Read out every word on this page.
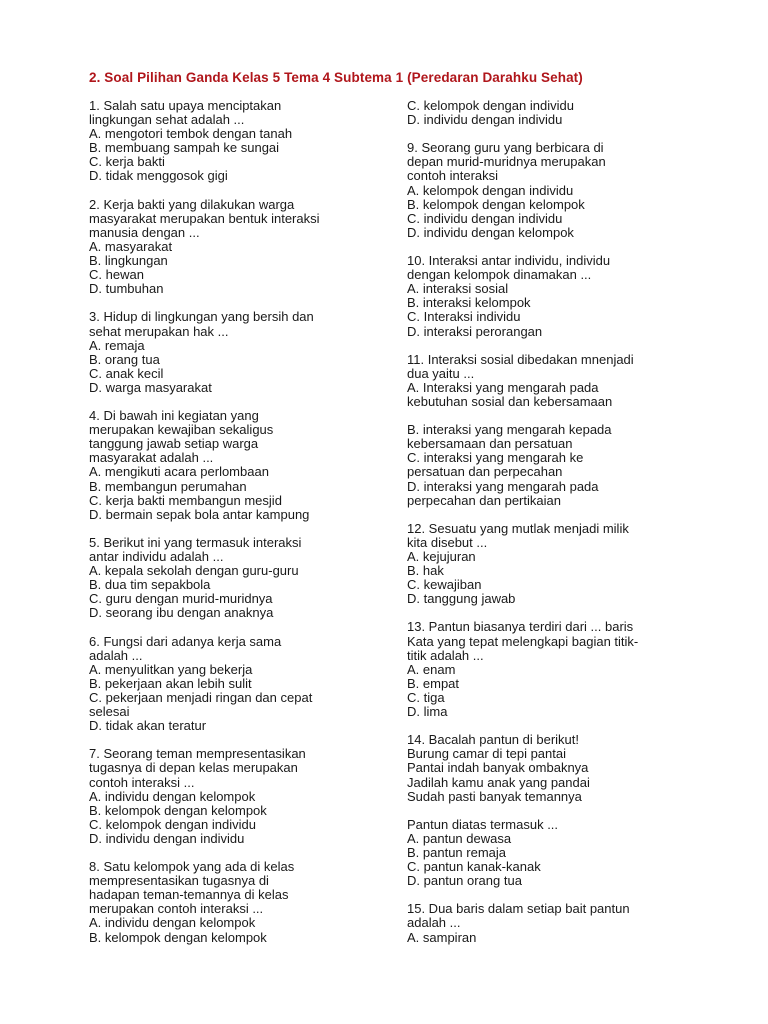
2. Soal Pilihan Ganda Kelas 5 Tema 4 Subtema 1 (Peredaran Darahku Sehat)
1. Salah satu upaya menciptakan
lingkungan sehat adalah ...
A. mengotori tembok dengan tanah
B. membuang sampah ke sungai
C. kerja bakti
D. tidak menggosok gigi
2. Kerja bakti yang dilakukan warga
masyarakat merupakan bentuk interaksi
manusia dengan ...
A. masyarakat
B. lingkungan
C. hewan
D. tumbuhan
3. Hidup di lingkungan yang bersih dan
sehat merupakan hak ...
A. remaja
B. orang tua
C. anak kecil
D. warga masyarakat
4. Di bawah ini kegiatan yang
merupakan kewajiban sekaligus
tanggung jawab setiap warga
masyarakat adalah ...
A. mengikuti acara perlombaan
B. membangun perumahan
C. kerja bakti membangun mesjid
D. bermain sepak bola antar kampung
5. Berikut ini yang termasuk interaksi
antar individu adalah ...
A. kepala sekolah dengan guru-guru
B. dua tim sepakbola
C. guru dengan murid-muridnya
D. seorang ibu dengan anaknya
6. Fungsi dari adanya kerja sama
adalah ...
A. menyulitkan yang bekerja
B. pekerjaan akan lebih sulit
C. pekerjaan menjadi ringan dan cepat
selesai
D. tidak akan teratur
7. Seorang teman mempresentasikan
tugasnya di depan kelas merupakan
contoh interaksi ...
A. individu dengan kelompok
B. kelompok dengan kelompok
C. kelompok dengan individu
D. individu dengan individu
8. Satu kelompok yang ada di kelas
mempresentasikan tugasnya di
hadapan teman-temannya di kelas
merupakan contoh interaksi ...
A. individu dengan kelompok
B. kelompok dengan kelompok
C. kelompok dengan individu
D. individu dengan individu
9. Seorang guru yang berbicara di
depan murid-muridnya merupakan
contoh interaksi
A. kelompok dengan individu
B. kelompok dengan kelompok
C. individu dengan individu
D. individu dengan kelompok
10. Interaksi antar individu, individu
dengan kelompok dinamakan ...
A. interaksi sosial
B. interaksi kelompok
C. Interaksi individu
D. interaksi perorangan
11. Interaksi sosial dibedakan mnenjadi
dua yaitu ...
A. Interaksi yang mengarah pada
kebutuhan sosial dan kebersamaan
B. interaksi yang mengarah kepada
kebersamaan dan persatuan
C. interaksi yang mengarah ke
persatuan dan perpecahan
D. interaksi yang mengarah pada
perpecahan dan pertikaian
12. Sesuatu yang mutlak menjadi milik
kita disebut ...
A. kejujuran
B. hak
C. kewajiban
D. tanggung jawab
13. Pantun biasanya terdiri dari ... baris
Kata yang tepat melengkapi bagian titik-
titik adalah ...
A. enam
B. empat
C. tiga
D. lima
14. Bacalah pantun di berikut!
Burung camar di tepi pantai
Pantai indah banyak ombaknya
Jadilah kamu anak yang pandai
Sudah pasti banyak temannya
Pantun diatas termasuk ...
A. pantun dewasa
B. pantun remaja
C. pantun kanak-kanak
D. pantun orang tua
15. Dua baris dalam setiap bait pantun
adalah ...
A. sampiran
